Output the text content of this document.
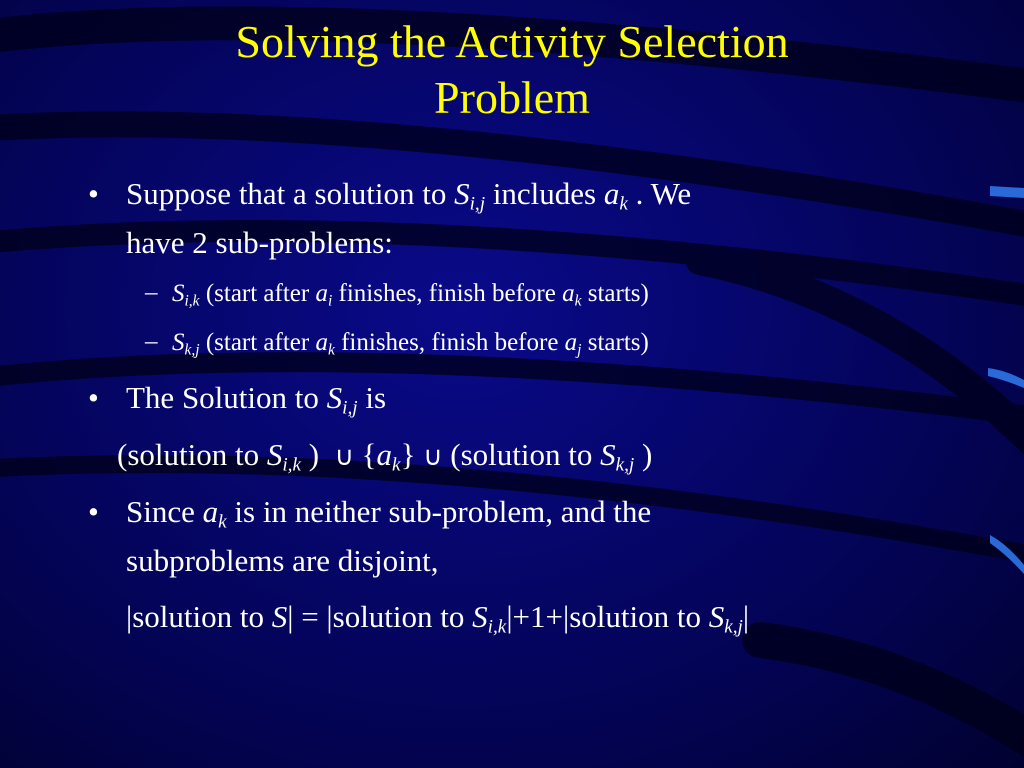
Solving the Activity Selection
Problem
• Suppose that a solution to Si,j includes ak . We
have 2 sub-problems:
– Si,k (start after ai finishes, finish before ak starts)
– Sk,j (start after ak finishes, finish before aj starts)
• The Solution to Si,j is
(solution to Si,k )  ∪ {ak} ∪ (solution to Sk,j )
• Since ak is in neither sub-problem, and the
subproblems are disjoint,
|solution to S| = |solution to Si,k|+1+|solution to Sk,j|
